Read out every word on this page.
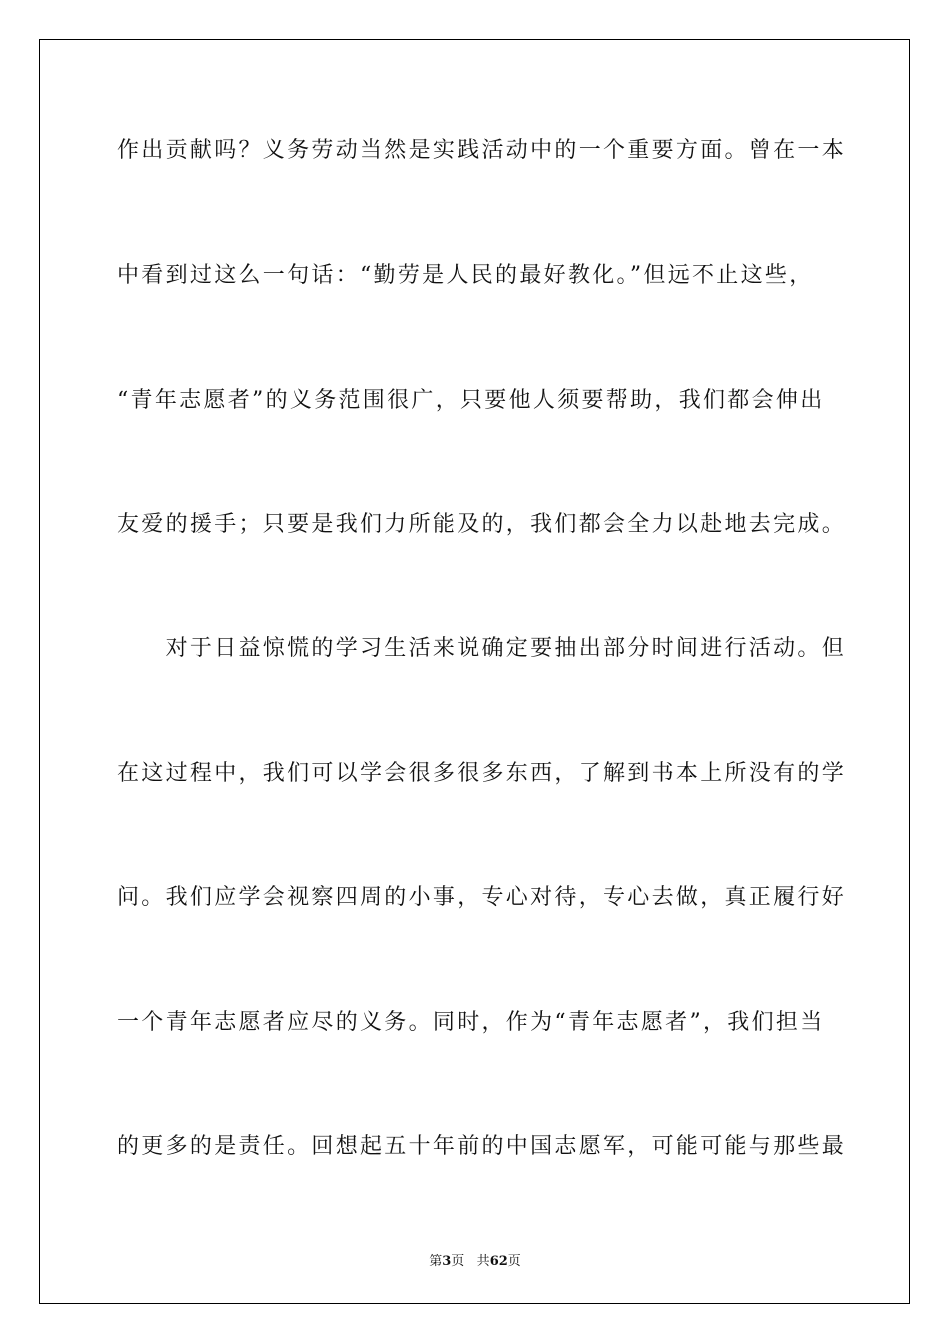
作出贡献吗？义务劳动当然是实践活动中的一个重要方面。曾在一本
中看到过这么一句话：“勤劳是人民的最好教化。”但远不止这些，
“青年志愿者”的义务范围很广，只要他人须要帮助，我们都会伸出
友爱的援手；只要是我们力所能及的，我们都会全力以赴地去完成。
　　对于日益惊慌的学习生活来说确定要抽出部分时间进行活动。但
在这过程中，我们可以学会很多很多东西，了解到书本上所没有的学
问。我们应学会视察四周的小事，专心对待，专心去做，真正履行好
一个青年志愿者应尽的义务。同时，作为“青年志愿者”，我们担当
的更多的是责任。回想起五十年前的中国志愿军，可能可能与那些最
第3页 共62页
